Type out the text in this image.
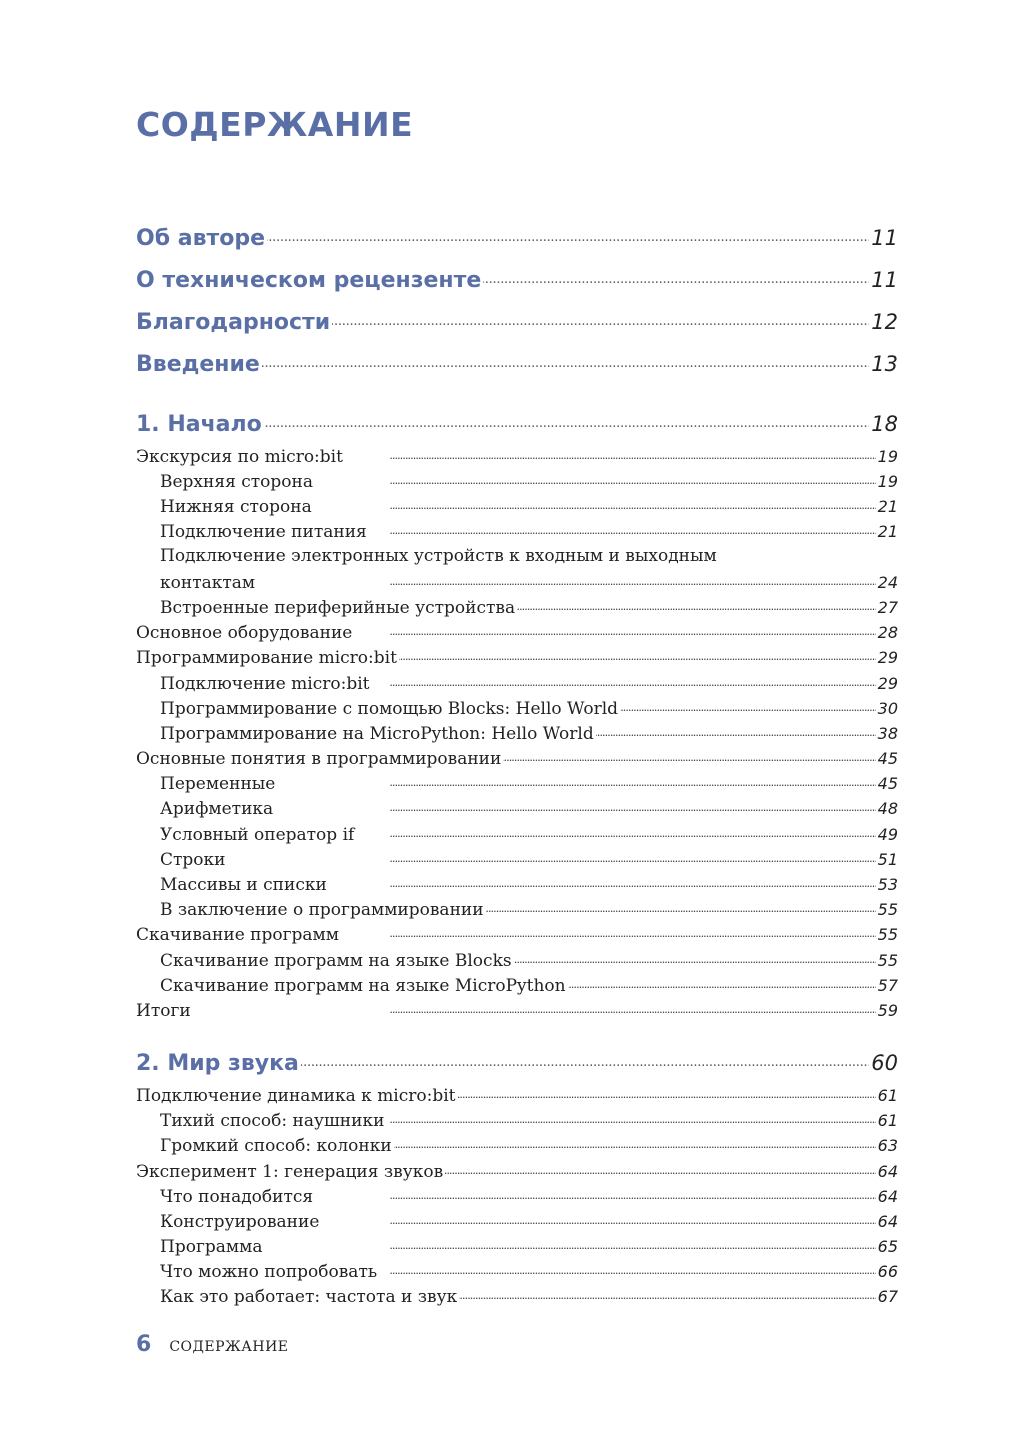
СОДЕРЖАНИЕ
Об авторе . . .	11
О техническом рецензенте . . .	11
Благодарности . . .	12
Введение . . .	13
1. Начало . . .	18
Экскурсия по micro:bit . . .	19
Верхняя сторона . . .	19
Нижняя сторона . . .	21
Подключение питания . . .	21
Подключение электронных устройств к входным и выходным
контактам . . .	24
Встроенные периферийные устройства . . .	27
Основное оборудование . . .	28
Программирование micro:bit . . .	29
Подключение micro:bit . . .	29
Программирование с помощью Blocks: Hello World . . .	30
Программирование на MicroPython: Hello World . . .	38
Основные понятия в программировании . . .	45
Переменные . . .	45
Арифметика . . .	48
Условный оператор if . . .	49
Строки . . .	51
Массивы и списки . . .	53
В заключение о программировании . . .	55
Скачивание программ . . .	55
Скачивание программ на языке Blocks . . .	55
Скачивание программ на языке MicroPython . . .	57
Итоги . . .	59
2. Мир звука . . .	60
Подключение динамика к micro:bit . . .	61
Тихий способ: наушники . . .	61
Громкий способ: колонки . . .	63
Эксперимент 1: генерация звуков . . .	64
Что понадобится . . .	64
Конструирование . . .	64
Программа . . .	65
Что можно попробовать . . .	66
Как это работает: частота и звук . . .	67
6 СОДЕРЖАНИЕ
